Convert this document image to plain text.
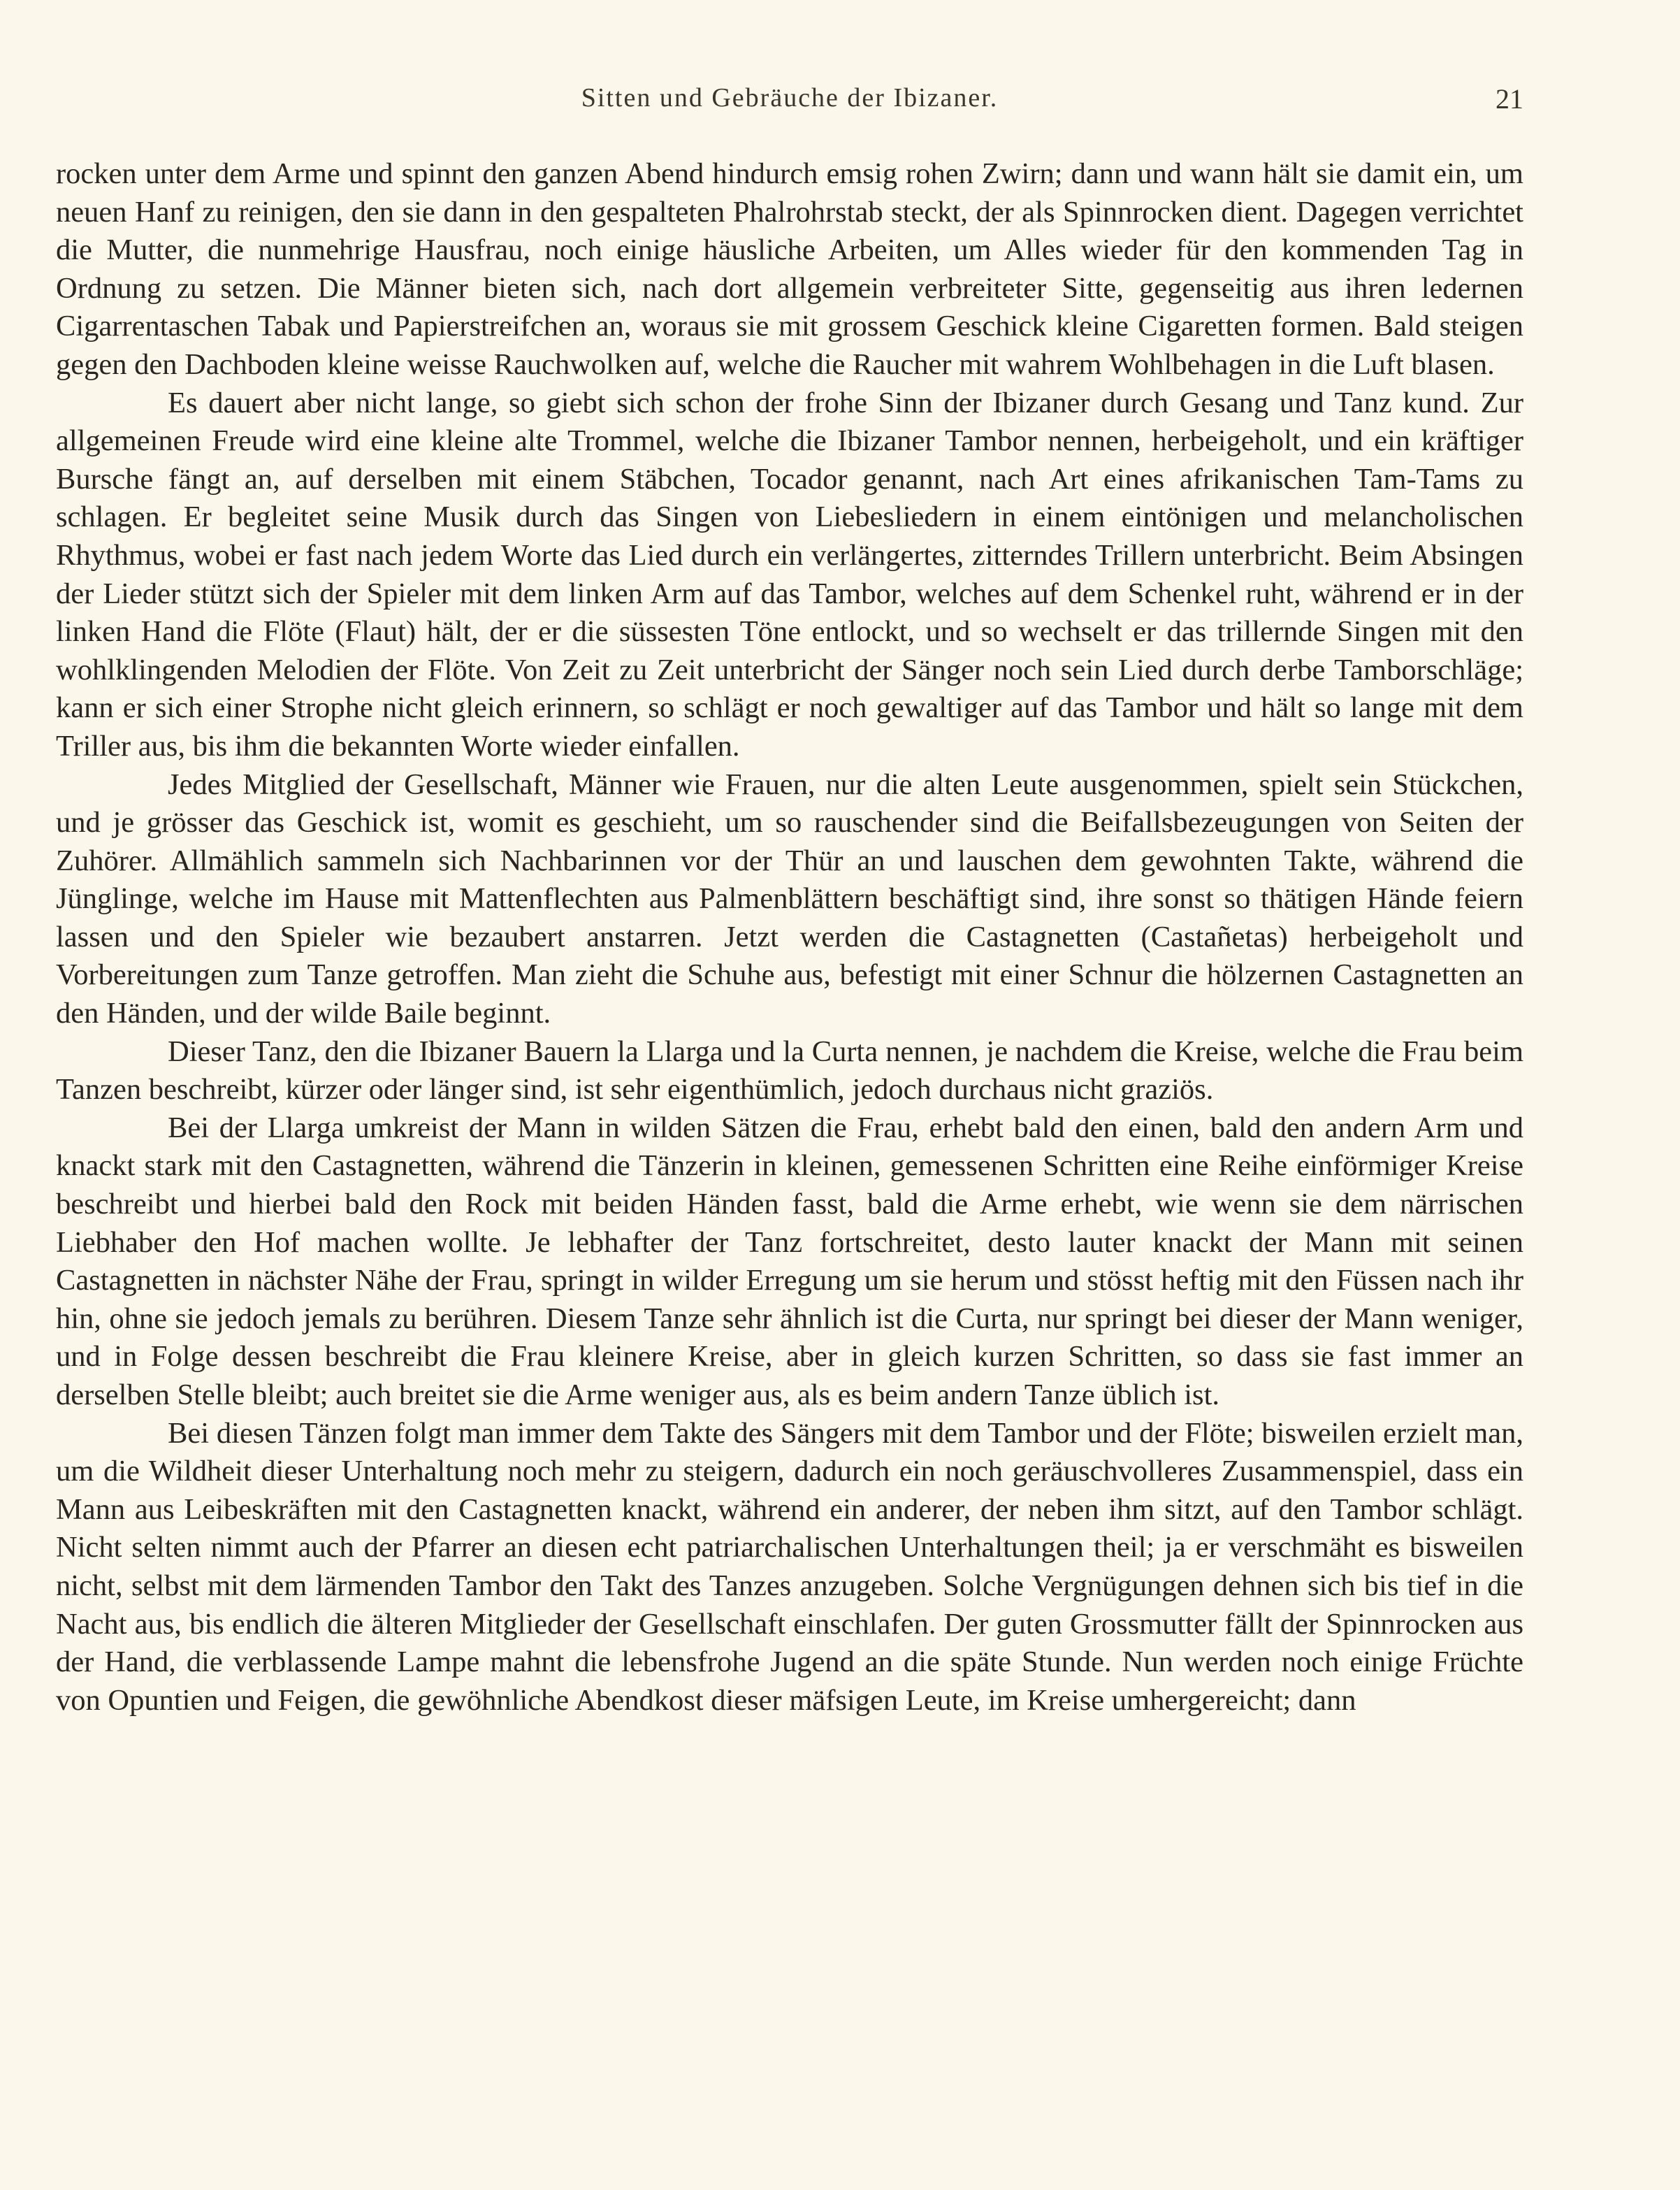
Sitten und Gebräuche der Ibizaner.	21

rocken unter dem Arme und spinnt den ganzen Abend hindurch emsig rohen Zwirn; dann und wann hält sie damit ein, um neuen Hanf zu reinigen, den sie dann in den gespalteten Phalrohrstab steckt, der als Spinnrocken dient. Dagegen verrichtet die Mutter, die nunmehrige Hausfrau, noch einige häusliche Arbeiten, um Alles wieder für den kommenden Tag in Ordnung zu setzen. Die Männer bieten sich, nach dort allgemein verbreiteter Sitte, gegenseitig aus ihren ledernen Cigarrentaschen Tabak und Papierstreifchen an, woraus sie mit grossem Geschick kleine Cigaretten formen. Bald steigen gegen den Dachboden kleine weisse Rauchwolken auf, welche die Raucher mit wahrem Wohlbehagen in die Luft blasen.

Es dauert aber nicht lange, so giebt sich schon der frohe Sinn der Ibizaner durch Gesang und Tanz kund. Zur allgemeinen Freude wird eine kleine alte Trommel, welche die Ibizaner Tambor nennen, herbeigeholt, und ein kräftiger Bursche fängt an, auf derselben mit einem Stäbchen, Tocador genannt, nach Art eines afrikanischen Tam-Tams zu schlagen. Er begleitet seine Musik durch das Singen von Liebesliedern in einem eintönigen und melancholischen Rhythmus, wobei er fast nach jedem Worte das Lied durch ein verlängertes, zitterndes Trillern unterbricht. Beim Absingen der Lieder stützt sich der Spieler mit dem linken Arm auf das Tambor, welches auf dem Schenkel ruht, während er in der linken Hand die Flöte (Flaut) hält, der er die süssesten Töne entlockt, und so wechselt er das trillernde Singen mit den wohlklingenden Melodien der Flöte. Von Zeit zu Zeit unterbricht der Sänger noch sein Lied durch derbe Tamborschläge; kann er sich einer Strophe nicht gleich erinnern, so schlägt er noch gewaltiger auf das Tambor und hält so lange mit dem Triller aus, bis ihm die bekannten Worte wieder einfallen.

Jedes Mitglied der Gesellschaft, Männer wie Frauen, nur die alten Leute ausgenommen, spielt sein Stückchen, und je grösser das Geschick ist, womit es geschieht, um so rauschender sind die Beifallsbezeugungen von Seiten der Zuhörer. Allmählich sammeln sich Nachbarinnen vor der Thür an und lauschen dem gewohnten Takte, während die Jünglinge, welche im Hause mit Mattenflechten aus Palmenblättern beschäftigt sind, ihre sonst so thätigen Hände feiern lassen und den Spieler wie bezaubert anstarren. Jetzt werden die Castagnetten (Castañetas) herbeigeholt und Vorbereitungen zum Tanze getroffen. Man zieht die Schuhe aus, befestigt mit einer Schnur die hölzernen Castagnetten an den Händen, und der wilde Baile beginnt.

Dieser Tanz, den die Ibizaner Bauern la Llarga und la Curta nennen, je nachdem die Kreise, welche die Frau beim Tanzen beschreibt, kürzer oder länger sind, ist sehr eigenthümlich, jedoch durchaus nicht graziös.

Bei der Llarga umkreist der Mann in wilden Sätzen die Frau, erhebt bald den einen, bald den andern Arm und knackt stark mit den Castagnetten, während die Tänzerin in kleinen, gemessenen Schritten eine Reihe einförmiger Kreise beschreibt und hierbei bald den Rock mit beiden Händen fasst, bald die Arme erhebt, wie wenn sie dem närrischen Liebhaber den Hof machen wollte. Je lebhafter der Tanz fortschreitet, desto lauter knackt der Mann mit seinen Castagnetten in nächster Nähe der Frau, springt in wilder Erregung um sie herum und stösst heftig mit den Füssen nach ihr hin, ohne sie jedoch jemals zu berühren. Diesem Tanze sehr ähnlich ist die Curta, nur springt bei dieser der Mann weniger, und in Folge dessen beschreibt die Frau kleinere Kreise, aber in gleich kurzen Schritten, so dass sie fast immer an derselben Stelle bleibt; auch breitet sie die Arme weniger aus, als es beim andern Tanze üblich ist.

Bei diesen Tänzen folgt man immer dem Takte des Sängers mit dem Tambor und der Flöte; bisweilen erzielt man, um die Wildheit dieser Unterhaltung noch mehr zu steigern, dadurch ein noch geräuschvolleres Zusammenspiel, dass ein Mann aus Leibeskräften mit den Castagnetten knackt, während ein anderer, der neben ihm sitzt, auf den Tambor schlägt. Nicht selten nimmt auch der Pfarrer an diesen echt patriarchalischen Unterhaltungen theil; ja er verschmäht es bisweilen nicht, selbst mit dem lärmenden Tambor den Takt des Tanzes anzugeben. Solche Vergnügungen dehnen sich bis tief in die Nacht aus, bis endlich die älteren Mitglieder der Gesellschaft einschlafen. Der guten Grossmutter fällt der Spinnrocken aus der Hand, die verblassende Lampe mahnt die lebensfrohe Jugend an die späte Stunde. Nun werden noch einige Früchte von Opuntien und Feigen, die gewöhnliche Abendkost dieser mäfsigen Leute, im Kreise umhergereicht; dann
